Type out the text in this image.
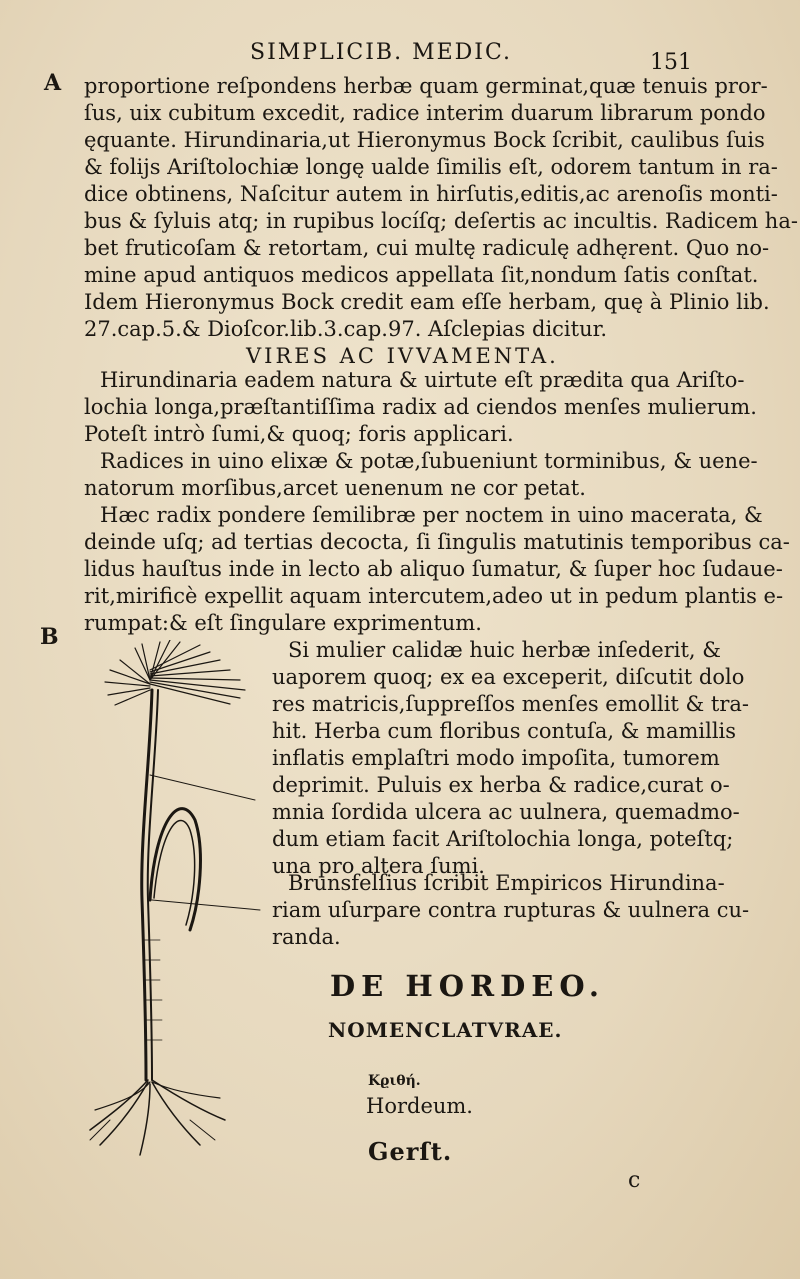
SIMPLICIB. MEDIC.	151
A
B
c
proportione reſpondens herbæ quam germinat,quæ tenuis pror-
ſus, uix cubitum excedit, radice interim duarum librarum pondo
ęquante. Hirundinaria,ut Hieronymus Bock ſcribit, caulibus ſuis
& folijs Ariſtolochiæ longę ualde ſimilis eſt, odorem tantum in ra-
dice obtinens, Naſcitur autem in hirſutis,editis,ac arenoſis monti-
bus & ſyluis atq; in rupibus locíſq; deſertis ac incultis. Radicem ha-
bet fruticoſam & retortam, cui multę radiculę adhęrent. Quo no-
mine apud antiquos medicos appellata ſit,nondum ſatis conſtat.
Idem Hieronymus Bock credit eam eſſe herbam, quę à Plinio lib.
27.cap.5.& Dioſcor.lib.3.cap.97. Aſclepias dicitur.
VIRES AC IVVAMENTA.
Hirundinaria eadem natura & uirtute eſt prædita qua Ariſto-
lochia longa,præſtantiſſima radix ad ciendos menſes mulierum.
Poteſt intrò ſumi,& quoq; foris applicari.
Radices in uino elixæ & potæ,ſubueniunt torminibus, & uene-
natorum morſibus,arcet uenenum ne cor petat.
Hæc radix pondere ſemilibræ per noctem in uino macerata, &
deinde uſq; ad tertias decocta, ſi ſingulis matutinis temporibus ca-
lidus hauſtus inde in lecto ab aliquo ſumatur, & ſuper hoc ſudaue-
rit,mirificè expellit aquam intercutem,adeo ut in pedum plantis e-
rumpat:& eſt ſingulare exprimentum.
Si mulier calidæ huic herbæ inſederit, &
uaporem quoq; ex ea exceperit, diſcutit dolo
res matricis,ſuppreſſos menſes emollit & tra-
hit. Herba cum floribus contuſa, & mamillis
inflatis emplaſtri modo impoſita, tumorem
deprimit. Puluis ex herba & radice,curat o-
mnia ſordida ulcera ac uulnera, quemadmo-
dum etiam facit Ariſtolochia longa, poteſtq;
una pro altera ſumi.
Brunsfelſius ſcribit Empiricos Hirundina-
riam uſurpare contra rupturas & uulnera cu-
randa.
DE HORDEO.
NOMENCLATVRAE.
Κϱιθή.
Hordeum.
Gerſt.
